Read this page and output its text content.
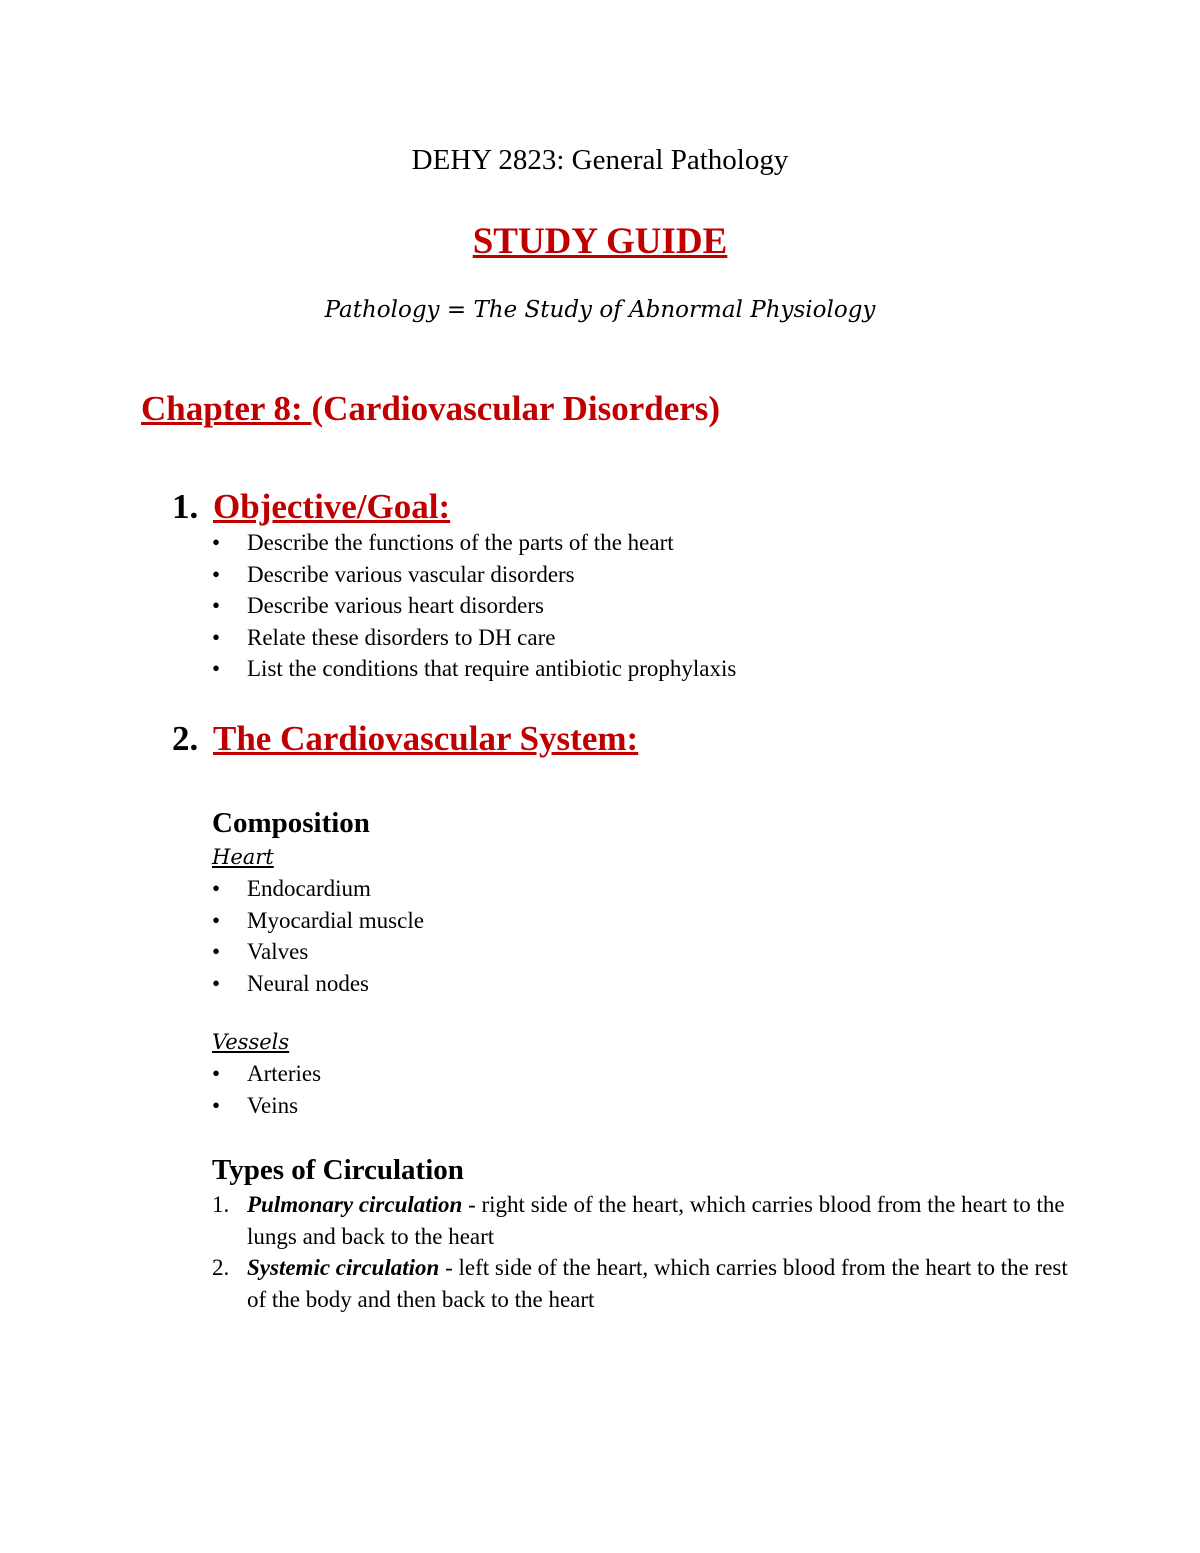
DEHY 2823: General Pathology
STUDY GUIDE
Pathology = The Study of Abnormal Physiology
Chapter 8: (Cardiovascular Disorders)
1. Objective/Goal:
•	Describe the functions of the parts of the heart
•	Describe various vascular disorders
•	Describe various heart disorders
•	Relate these disorders to DH care
•	List the conditions that require antibiotic prophylaxis
2. The Cardiovascular System:
Composition
Heart
•	Endocardium
•	Myocardial muscle
•	Valves
•	Neural nodes
Vessels
•	Arteries
•	Veins
Types of Circulation
1. Pulmonary circulation - right side of the heart, which carries blood from the heart to the lungs and back to the heart
2. Systemic circulation - left side of the heart, which carries blood from the heart to the rest of the body and then back to the heart
